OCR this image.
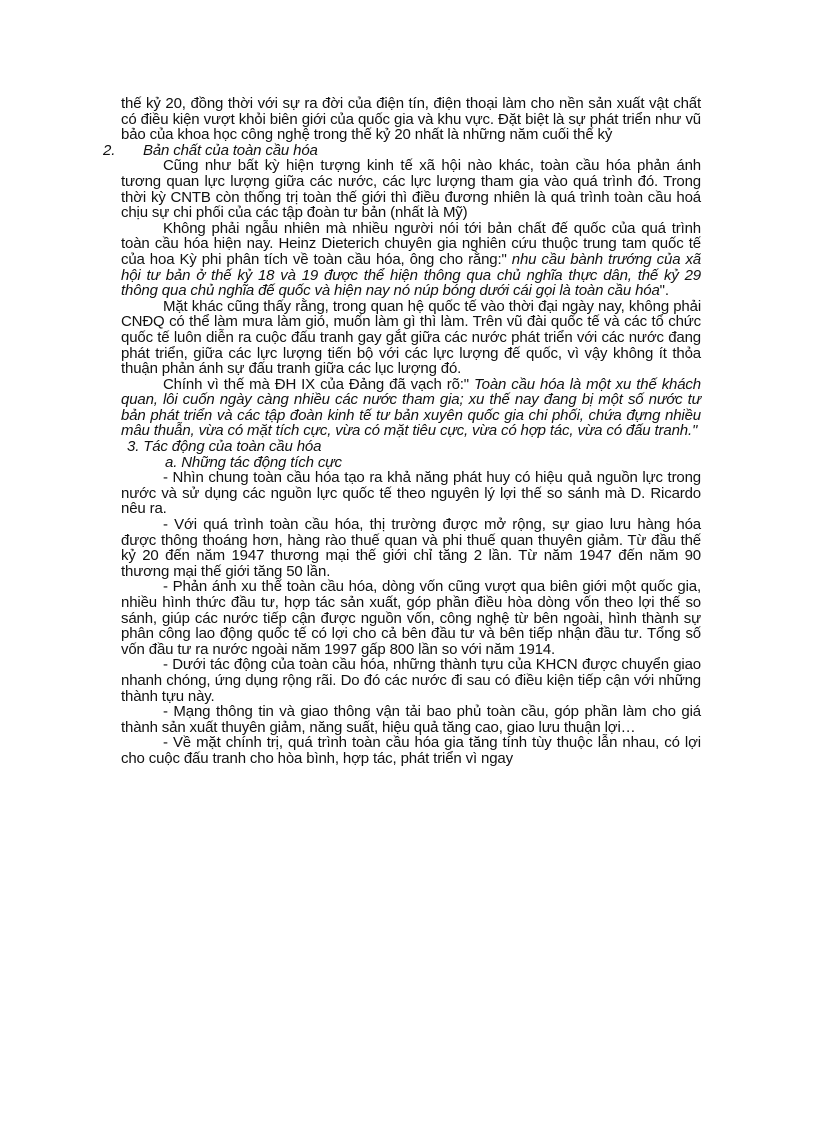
thế kỷ 20, đồng thời với sự ra đời của điện tín, điện thoại làm cho nền sản xuất vật chất có điều kiện vượt khỏi biên giới của quốc gia và khu vực. Đặt biệt là sự phát triển như vũ bảo của khoa học công nghệ trong thế kỷ 20 nhất là những năm cuối thế kỷ

2. Bản chất của toàn cầu hóa

Cũng như bất kỳ hiện tượng kinh tế xã hội nào khác, toàn cầu hóa phản ánh tương quan lực lượng giữa các nước, các lực lượng tham gia vào quá trình đó. Trong thời kỳ CNTB còn thống trị toàn thế giới thì điều đương nhiên là quá trình toàn cầu hoá chịu sự chi phối của các tập đoàn tư bản (nhất là Mỹ)

Không phải ngẫu nhiên mà nhiều người nói tới bản chất đế quốc của quá trình toàn cầu hóa hiện nay. Heinz Dieterich chuyên gia nghiên cứu thuộc trung tam quốc tế của hoa Kỳ phi phân tích về toàn cầu hóa, ông cho rằng:" nhu cầu bành trướng của xã hội tư bản ở thế kỷ 18 và 19 được thể hiện thông qua chủ nghĩa thực dân, thế kỷ 29 thông qua chủ nghĩa đế quốc và hiện nay nó núp bóng dưới cái gọi là toàn cầu hóa".

Mặt khác cũng thấy rằng, trong quan hệ quốc tế vào thời đại ngày nay, không phải CNĐQ có thể làm mưa làm gió, muốn làm gì thì làm. Trên vũ đài quốc tế và các tổ chức quốc tế luôn diễn ra cuộc đấu tranh gay gắt giữa các nước phát triển với các nước đang phát triển, giữa các lực lượng tiến bộ với các lực lượng đế quốc, vì vậy không ít thỏa thuận phản ánh sự đấu tranh giữa các lục lượng đó.

Chính vì thế mà ĐH IX của Đảng đã vạch rõ:" Toàn cầu hóa là một xu thế khách quan, lôi cuốn ngày càng nhiều các nước tham gia; xu thế nay đang bị một số nước tư bản phát triển và các tập đoàn kinh tế tư bản xuyên quốc gia chi phối, chứa đựng nhiều mâu thuẫn, vừa có mặt tích cực, vừa có mặt tiêu cực, vừa có hợp tác, vừa có đấu tranh."

3. Tác động của toàn cầu hóa

a. Những tác động tích cực

- Nhìn chung toàn cầu hóa tạo ra khả năng phát huy có hiệu quả nguồn lực trong nước và sử dụng các nguồn lực quốc tế theo nguyên lý lợi thế so sánh mà D. Ricardo nêu ra.

- Với quá trình toàn cầu hóa, thị trường được mở rộng, sự giao lưu hàng hóa được thông thoáng hơn, hàng rào thuế quan và phi thuế quan thuyên giảm. Từ đầu thế kỷ 20 đến năm 1947 thương mại thế giới chỉ tăng 2 lần. Từ năm 1947 đến năm 90 thương mại thế giới tăng 50 lần.

- Phản ánh xu thế toàn cầu hóa, dòng vốn cũng vượt qua biên giới một quốc gia, nhiều hình thức đầu tư, hợp tác sản xuất, góp phần điều hòa dòng vốn theo lợi thế so sánh, giúp các nước tiếp cận được nguồn vốn, công nghệ từ bên ngoài, hình thành sự phân công lao động quốc tế có lợi cho cả bên đầu tư và bên tiếp nhận đầu tư. Tổng số vốn đầu tư ra nước ngoài năm 1997 gấp 800 lần so với năm 1914.

- Dưới tác động của toàn cầu hóa, những thành tựu của KHCN được chuyển giao nhanh chóng, ứng dụng rộng rãi. Do đó các nước đi sau có điều kiện tiếp cận với những thành tựu này.

- Mạng thông tin và giao thông vận tải bao phủ toàn cầu, góp phần làm cho giá thành sản xuất thuyên giảm, năng suất, hiệu quả tăng cao, giao lưu thuận lợi…

- Về mặt chính trị, quá trình toàn cầu hóa gia tăng tính tùy thuộc lẫn nhau, có lợi cho cuộc đấu tranh cho hòa bình, hợp tác, phát triển vì ngay
